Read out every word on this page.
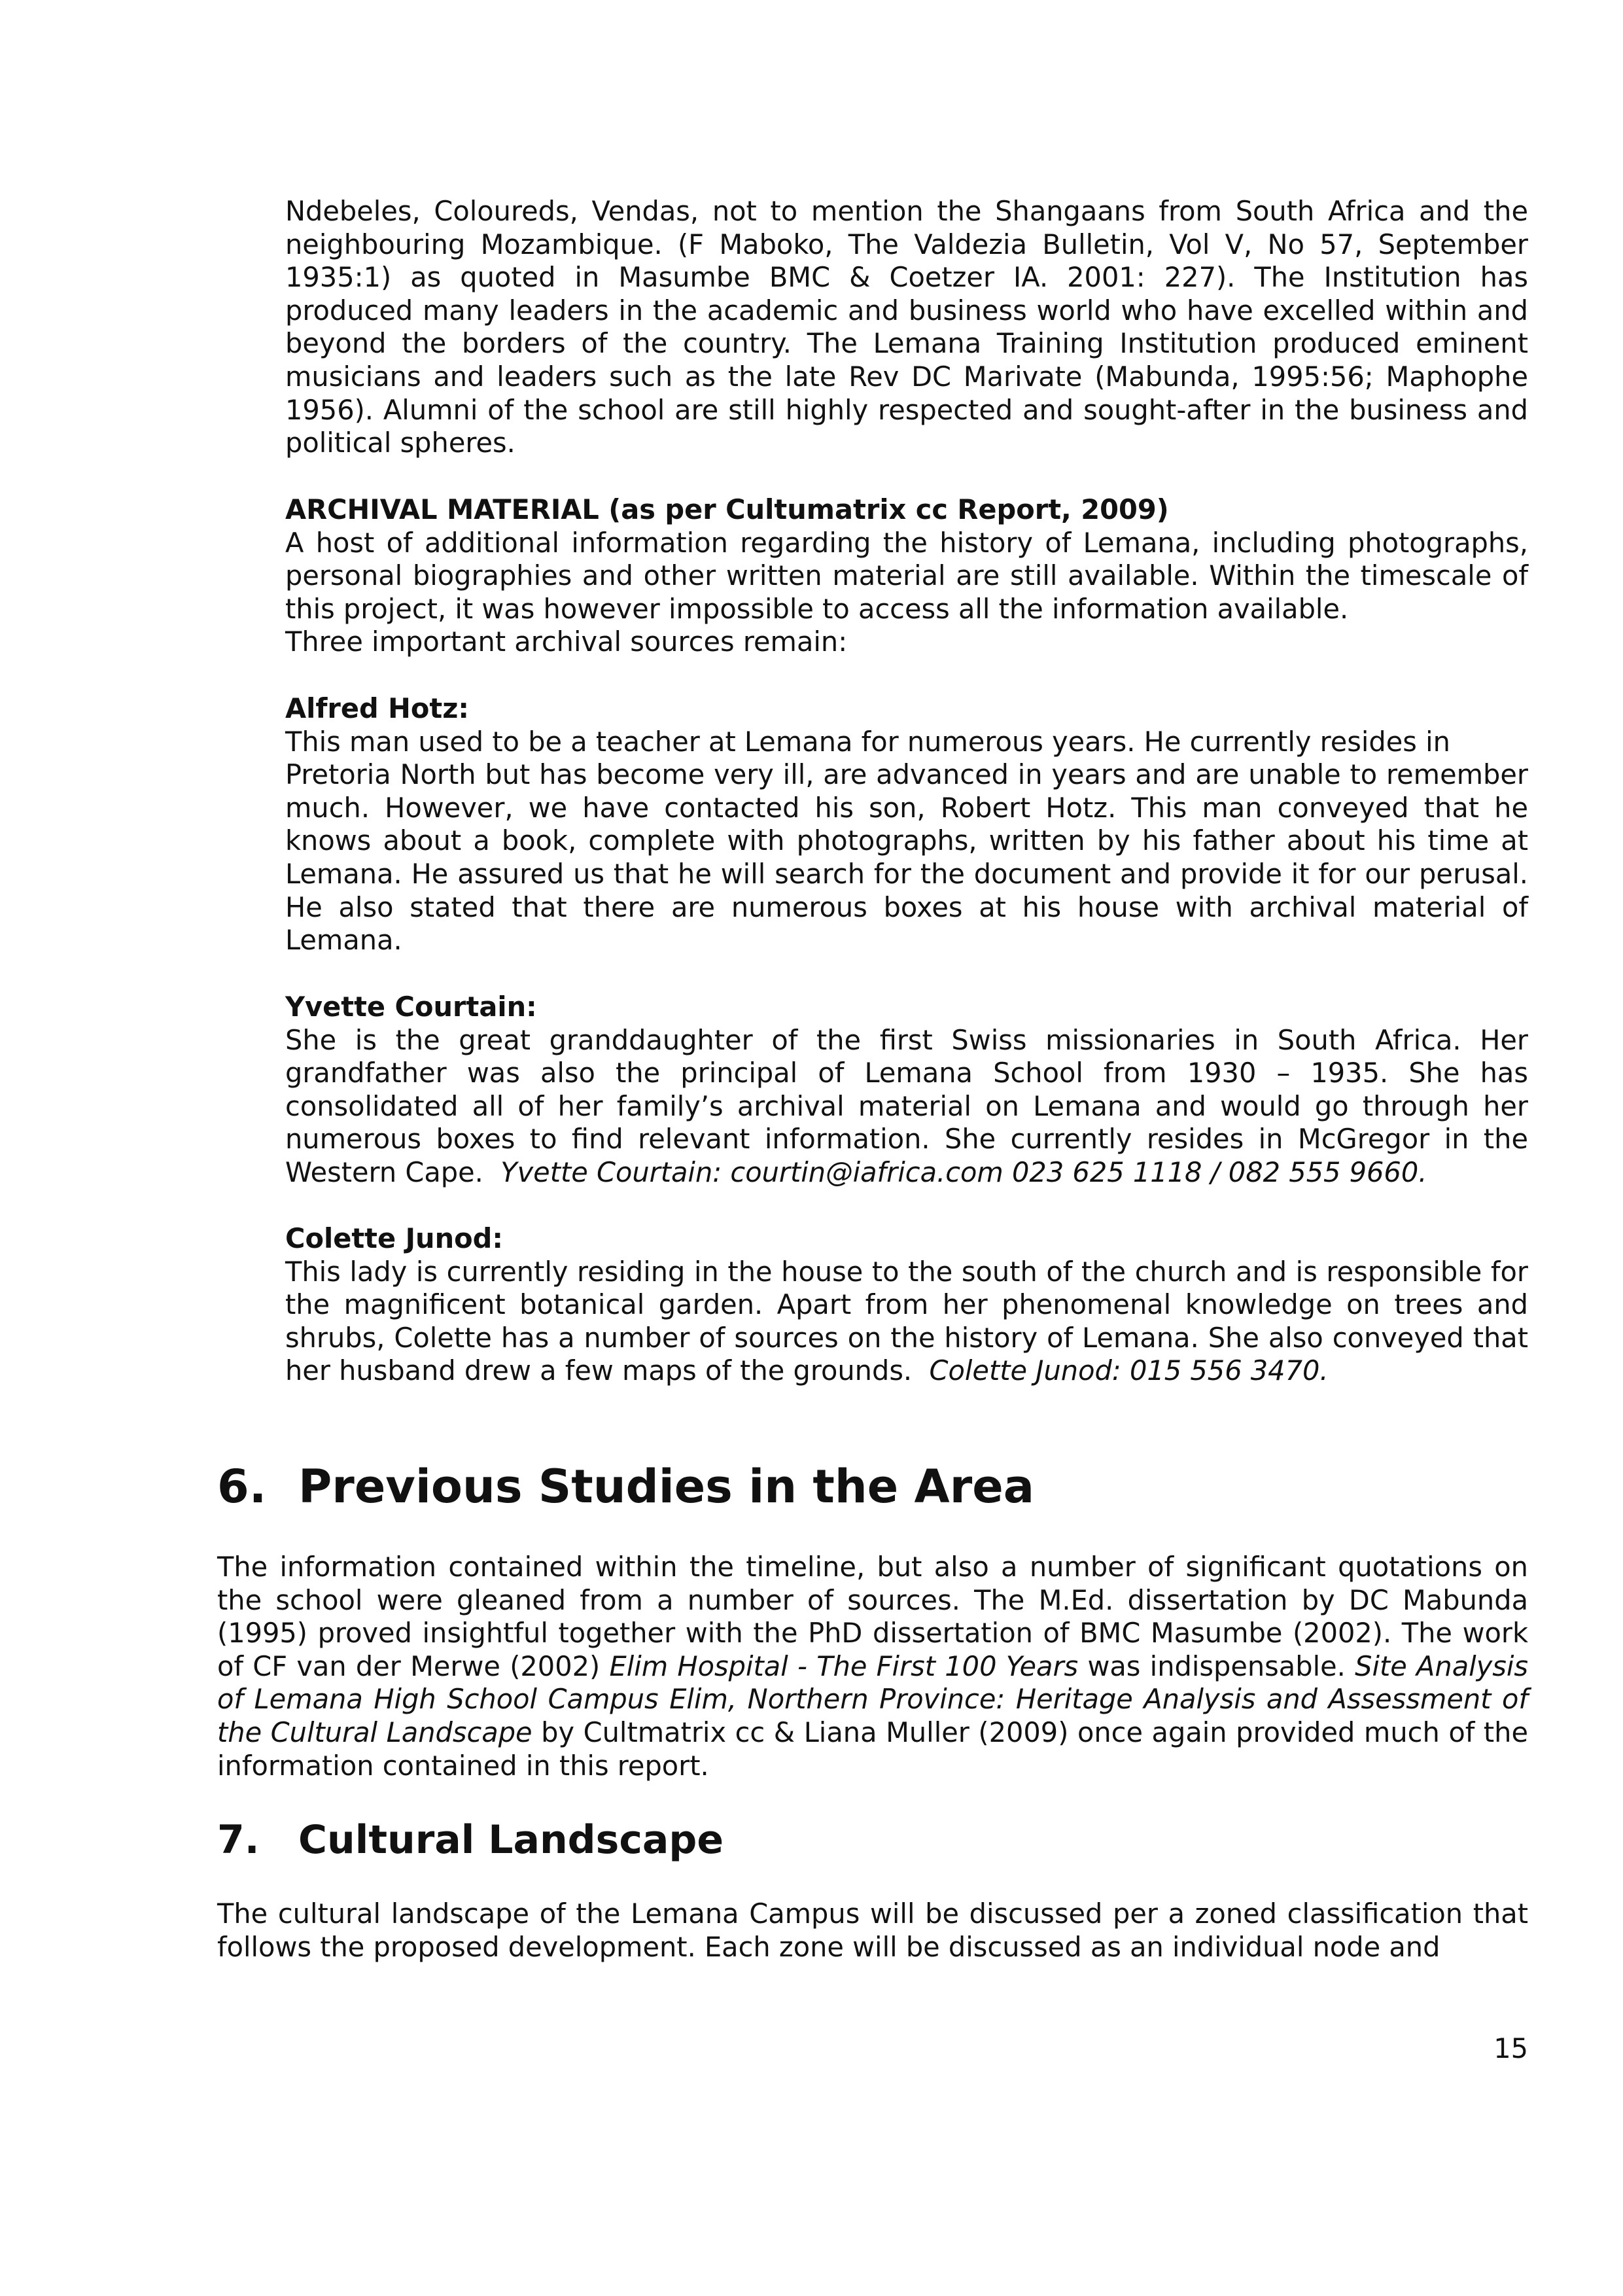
Ndebeles, Coloureds, Vendas, not to mention the Shangaans from South Africa and the neighbouring Mozambique. (F Maboko, The Valdezia Bulletin, Vol V, No 57, September 1935:1) as quoted in Masumbe BMC & Coetzer IA. 2001: 227). The Institution has produced many leaders in the academic and business world who have excelled within and beyond the borders of the country. The Lemana Training Institution produced eminent musicians and leaders such as the late Rev DC Marivate (Mabunda, 1995:56; Maphophe 1956). Alumni of the school are still highly respected and sought-after in the business and political spheres.

ARCHIVAL MATERIAL (as per Cultumatrix cc Report, 2009)

A host of additional information regarding the history of Lemana, including photographs, personal biographies and other written material are still available. Within the timescale of this project, it was however impossible to access all the information available.

Three important archival sources remain:

Alfred Hotz:

This man used to be a teacher at Lemana for numerous years. He currently resides in

Pretoria North but has become very ill, are advanced in years and are unable to remember much. However, we have contacted his son, Robert Hotz. This man conveyed that he knows about a book, complete with photographs, written by his father about his time at Lemana. He assured us that he will search for the document and provide it for our perusal. He also stated that there are numerous boxes at his house with archival material of Lemana.

Yvette Courtain:

She is the great granddaughter of the first Swiss missionaries in South Africa. Her grandfather was also the principal of Lemana School from 1930 – 1935. She has consolidated all of her family’s archival material on Lemana and would go through her numerous boxes to find relevant information. She currently resides in McGregor in the Western Cape. Yvette Courtain: courtin@iafrica.com 023 625 1118 / 082 555 9660.

Colette Junod:

This lady is currently residing in the house to the south of the church and is responsible for the magnificent botanical garden. Apart from her phenomenal knowledge on trees and shrubs, Colette has a number of sources on the history of Lemana. She also conveyed that her husband drew a few maps of the grounds. Colette Junod: 015 556 3470.

6. Previous Studies in the Area

The information contained within the timeline, but also a number of significant quotations on the school were gleaned from a number of sources. The M.Ed. dissertation by DC Mabunda (1995) proved insightful together with the PhD dissertation of BMC Masumbe (2002). The work of CF van der Merwe (2002) Elim Hospital - The First 100 Years was indispensable. Site Analysis of Lemana High School Campus Elim, Northern Province: Heritage Analysis and Assessment of the Cultural Landscape by Cultmatrix cc & Liana Muller (2009) once again provided much of the information contained in this report.

7. Cultural Landscape

The cultural landscape of the Lemana Campus will be discussed per a zoned classification that follows the proposed development. Each zone will be discussed as an individual node and

15
